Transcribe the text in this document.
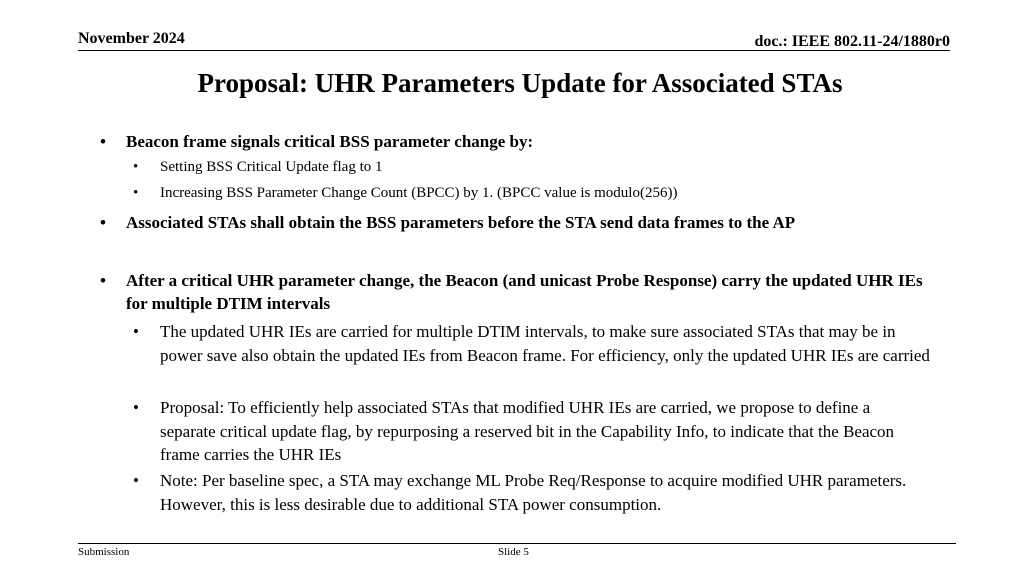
November 2024	doc.: IEEE 802.11-24/1880r0
Proposal: UHR Parameters Update for Associated STAs
•	Beacon frame signals critical BSS parameter change by:
•	Setting BSS Critical Update flag to 1
•	Increasing BSS Parameter Change Count (BPCC) by 1. (BPCC value is modulo(256))
•	Associated STAs shall obtain the BSS parameters before the STA send data frames to the AP
•	After a critical UHR parameter change, the Beacon (and unicast Probe Response) carry the updated UHR IEs for multiple DTIM intervals
•	The updated UHR IEs are carried for multiple DTIM intervals, to make sure associated STAs that may be in power save also obtain the updated IEs from Beacon frame. For efficiency, only the updated UHR IEs are carried
•	Proposal: To efficiently help associated STAs that modified UHR IEs are carried, we propose to define a separate critical update flag, by repurposing a reserved bit in the Capability Info, to indicate that the Beacon frame carries the UHR IEs
•	Note: Per baseline spec, a STA may exchange ML Probe Req/Response to acquire modified UHR parameters. However, this is less desirable due to additional STA power consumption.
Submission	Slide 5
